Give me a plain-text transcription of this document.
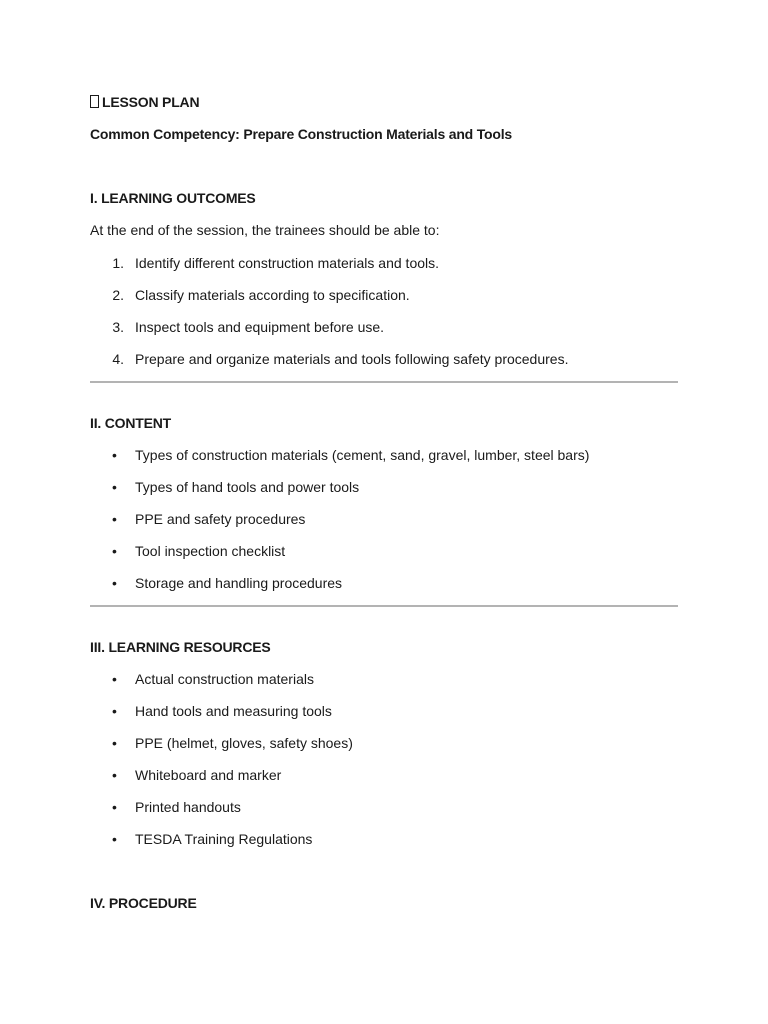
LESSON PLAN
Common Competency: Prepare Construction Materials and Tools
I. LEARNING OUTCOMES
At the end of the session, the trainees should be able to:
1. Identify different construction materials and tools.
2. Classify materials according to specification.
3. Inspect tools and equipment before use.
4. Prepare and organize materials and tools following safety procedures.
II. CONTENT
• Types of construction materials (cement, sand, gravel, lumber, steel bars)
• Types of hand tools and power tools
• PPE and safety procedures
• Tool inspection checklist
• Storage and handling procedures
III. LEARNING RESOURCES
• Actual construction materials
• Hand tools and measuring tools
• PPE (helmet, gloves, safety shoes)
• Whiteboard and marker
• Printed handouts
• TESDA Training Regulations
IV. PROCEDURE
